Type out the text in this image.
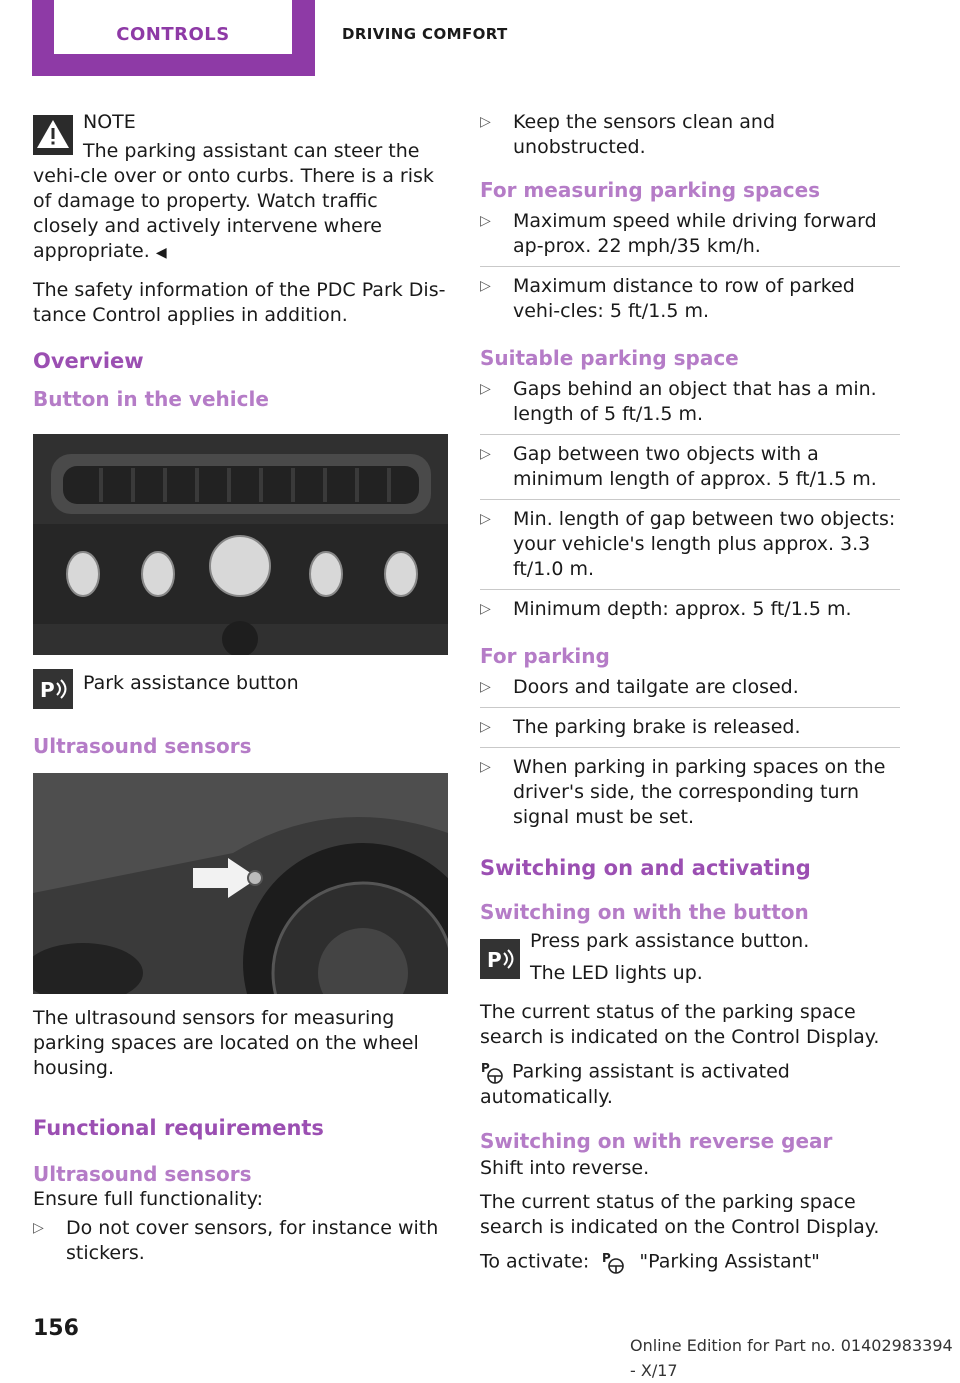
CONTROLS	DRIVING COMFORT

NOTE

The parking assistant can steer the vehi‐cle over or onto curbs. There is a risk of damage to property. Watch traffic closely and actively intervene where appropriate. ◀

The safety information of the PDC Park Dis‐tance Control applies in addition.

Overview
Button in the vehicle
P Park assistance button

Ultrasound sensors

The ultrasound sensors for measuring parking spaces are located on the wheel housing.

Functional requirements
Ultrasound sensors

Ensure full functionality:

▷ Do not cover sensors, for instance with stickers.
▷ Keep the sensors clean and unobstructed.
For measuring parking spaces
▷ Maximum speed while driving forward ap‐prox. 22 mph/35 km/h.
▷ Maximum distance to row of parked vehi‐cles: 5 ft/1.5 m.
Suitable parking space
▷ Gaps behind an object that has a min. length of 5 ft/1.5 m.
▷ Gap between two objects with a minimum length of approx. 5 ft/1.5 m.
▷ Min. length of gap between two objects: your vehicle's length plus approx. 3.3 ft/1.0 m.
▷ Minimum depth: approx. 5 ft/1.5 m.
For parking
▷ Doors and tailgate are closed.
▷ The parking brake is released.
▷ When parking in parking spaces on the driver's side, the corresponding turn signal must be set.
Switching on and activating
Switching on with the button
P

Press park assistance button.

The LED lights up.

The current status of the parking space search is indicated on the Control Display.

P Parking assistant is activated automatically.

Switching on with reverse gear

Shift into reverse.

The current status of the parking space search is indicated on the Control Display.

To activate: P "Parking Assistant"

156
Online Edition for Part no. 01402983394 - X/17
